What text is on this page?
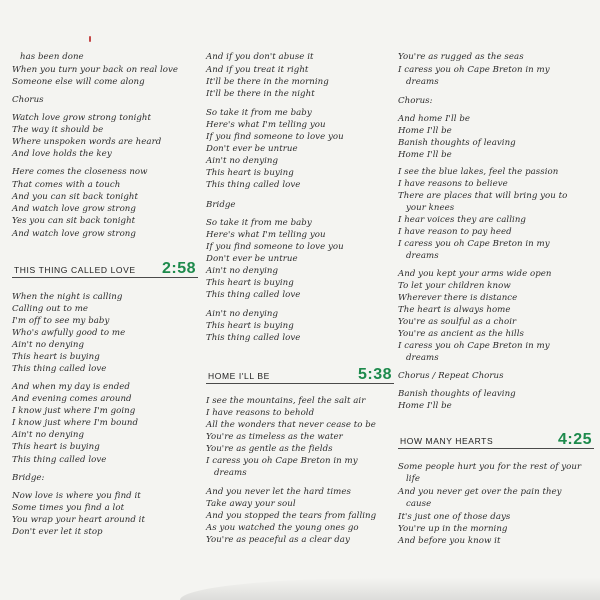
has been done
When you turn your back on real love
Someone else will come along
Chorus
Watch love grow strong tonight
The way it should be
Where unspoken words are heard
And love holds the key
Here comes the closeness now
That comes with a touch
And you can sit back tonight
And watch love grow strong
Yes you can sit back tonight
And watch love grow strong
THIS THING CALLED LOVE 2:58
When the night is calling
Calling out to me
I'm off to see my baby
Who's awfully good to me
Ain't no denying
This heart is buying
This thing called love
And when my day is ended
And evening comes around
I know just where I'm going
I know just where I'm bound
Ain't no denying
This heart is buying
This thing called love
Bridge:
Now love is where you find it
Some times you find a lot
You wrap your heart around it
Don't ever let it stop
And if you don't abuse it
And if you treat it right
It'll be there in the morning
It'll be there in the night
So take it from me baby
Here's what I'm telling you
If you find someone to love you
Don't ever be untrue
Ain't no denying
This heart is buying
This thing called love
Bridge
So take it from me baby
Here's what I'm telling you
If you find someone to love you
Don't ever be untrue
Ain't no denying
This heart is buying
This thing called love
Ain't no denying
This heart is buying
This thing called love
HOME I'LL BE	5:38
I see the mountains, feel the salt air
I have reasons to behold
All the wonders that never cease to be
You're as timeless as the water
You're as gentle as the fields
I caress you oh Cape Breton in my
dreams
And you never let the hard times
Take away your soul
And you stopped the tears from falling
As you watched the young ones go
You're as peaceful as a clear day
You're as rugged as the seas
I caress you oh Cape Breton in my
dreams
Chorus:
And home I'll be
Home I'll be
Banish thoughts of leaving
Home I'll be
I see the blue lakes, feel the passion
I have reasons to believe
There are places that will bring you to
your knees
I hear voices they are calling
I have reason to pay heed
I caress you oh Cape Breton in my
dreams
And you kept your arms wide open
To let your children know
Wherever there is distance
The heart is always home
You're as soulful as a choir
You're as ancient as the hills
I caress you oh Cape Breton in my
dreams
Chorus / Repeat Chorus
Banish thoughts of leaving
Home I'll be
HOW MANY HEARTS	4:25
Some people hurt you for the rest of your
life
And you never get over the pain they
cause
It's just one of those days
You're up in the morning
And before you know it
